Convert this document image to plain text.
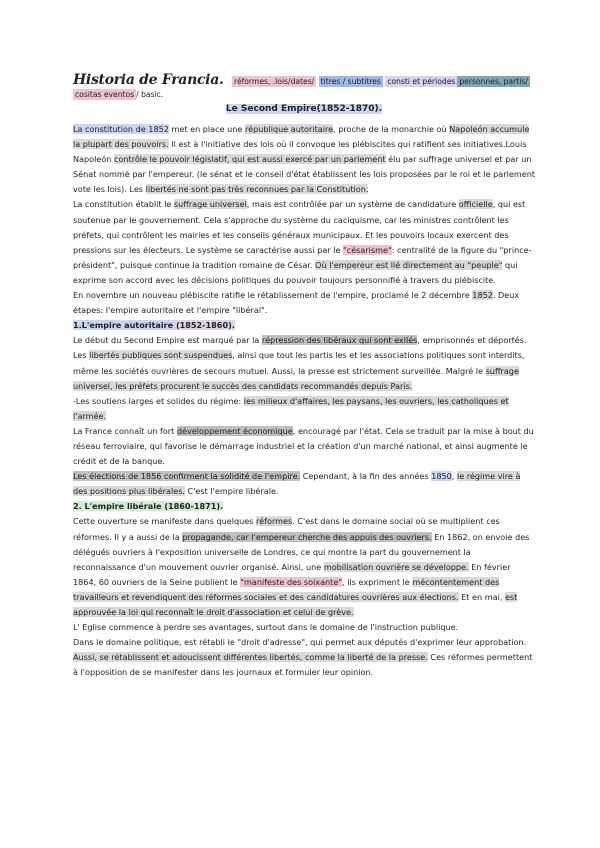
Historia de Francia. réformes, .lois/dates/ titres / subtitres consti et périodes personnes, partis/
cositas eventos / basic.
Le Second Empire(1852-1870).

La constitution de 1852 met en place une république autoritaire, proche de la monarchie où Napoleón accumule la plupart des pouvoirs. Il est à l'initiative des lois où il convoque les plébiscites qui ratifient ses initiatives.Louis Napoleón contrôle le pouvoir législatif, qui est aussi exercé par un parlement élu par suffrage universel et par un Sénat nommé par l'empereur. (le sénat et le conseil d'état établissent les lois proposées par le roi et le parlement vote les lois). Les libertés ne sont pas très reconnues par la Constitution.

La constitution établit le suffrage universel, mais est contrôlée par un système de candidature officielle, qui est soutenue par le gouvernement. Cela s'approche du système du caciquisme, car les ministres contrôlent les préfets, qui contrôlent les mairies et les conseils généraux municipaux. Et les pouvoirs locaux exercent des pressions sur les électeurs. Le système se caractérise aussi par le "césarisme": centralité de la figure du "prince-président", puisque continue la tradition romaine de César. Où l'empereur est lié directement au "peuple" qui exprime son accord avec les décisions politiques du pouvoir toujours personnifié à travers du plébiscite.

En novembre un nouveau plébiscite ratifie le rétablissement de l'empire, proclamé le 2 décembre 1852. Deux étapes: l'empire autoritaire et l'empire "libéral".

1.L'empire autoritaire (1852-1860).

Le début du Second Empire est marqué par la répression des libéraux qui sont exilés, emprisonnés et déportés. Les libertés publiques sont suspendues, ainsi que tout les partis les et les associations politiques sont interdits, même les sociétés ouvrières de secours mutuel. Aussi, la presse est strictement surveillée. Malgré le suffrage universel, les préfets procurent le succès des candidats recommandés depuis Paris.

-Les soutiens larges et solides du régime: les milieux d'affaires, les paysans, les ouvriers, les catholiques et l'armée.

La France connaît un fort développement économique, encouragé par l'état. Cela se traduit par la mise à bout du réseau ferroviaire, qui favorise le démarrage industriel et la création d'un marché national, et ainsi augmente le crédit et de la banque.

Les élections de 1856 confirment la solidité de l'empire. Cependant, à la fin des années 1850, le régime vire à des positions plus libérales. C'est l'empire libérale.

2. L'empire libérale (1860-1871).

Cette ouverture se manifeste dans quelques réformes. C'est dans le domaine social où se multiplient ces réformes. Il y a aussi de la propagande, car l'empereur cherche des appuis des ouvriers. En 1862, on envoie des délégués ouvriers à l'exposition universelle de Londres, ce qui montre la part du gouvernement la reconnaissance d'un mouvement ouvrier organisé. Ainsi, une mobilisation ouvrière se développe. En février 1864, 60 ouvriers de la Seine publient le "manifeste des soixante", ils expriment le mécontentement des travailleurs et revendiquent des réformes sociales et des candidatures ouvrières aux élections. Et en mai, est approuvée la loi qui reconnaît le droit d'association et celui de grève.

L' Eglise commence à perdre ses avantages, surtout dans le domaine de l'instruction publique.

Dans le domaine politique, est rétabli le "droit d'adresse", qui permet aux députés d'exprimer leur approbation. Aussi, se rétablissent et adoucissent différentes libertés, comme la liberté de la presse. Ces réformes permettent à l'opposition de se manifester dans les journaux et formuler leur opinion.
